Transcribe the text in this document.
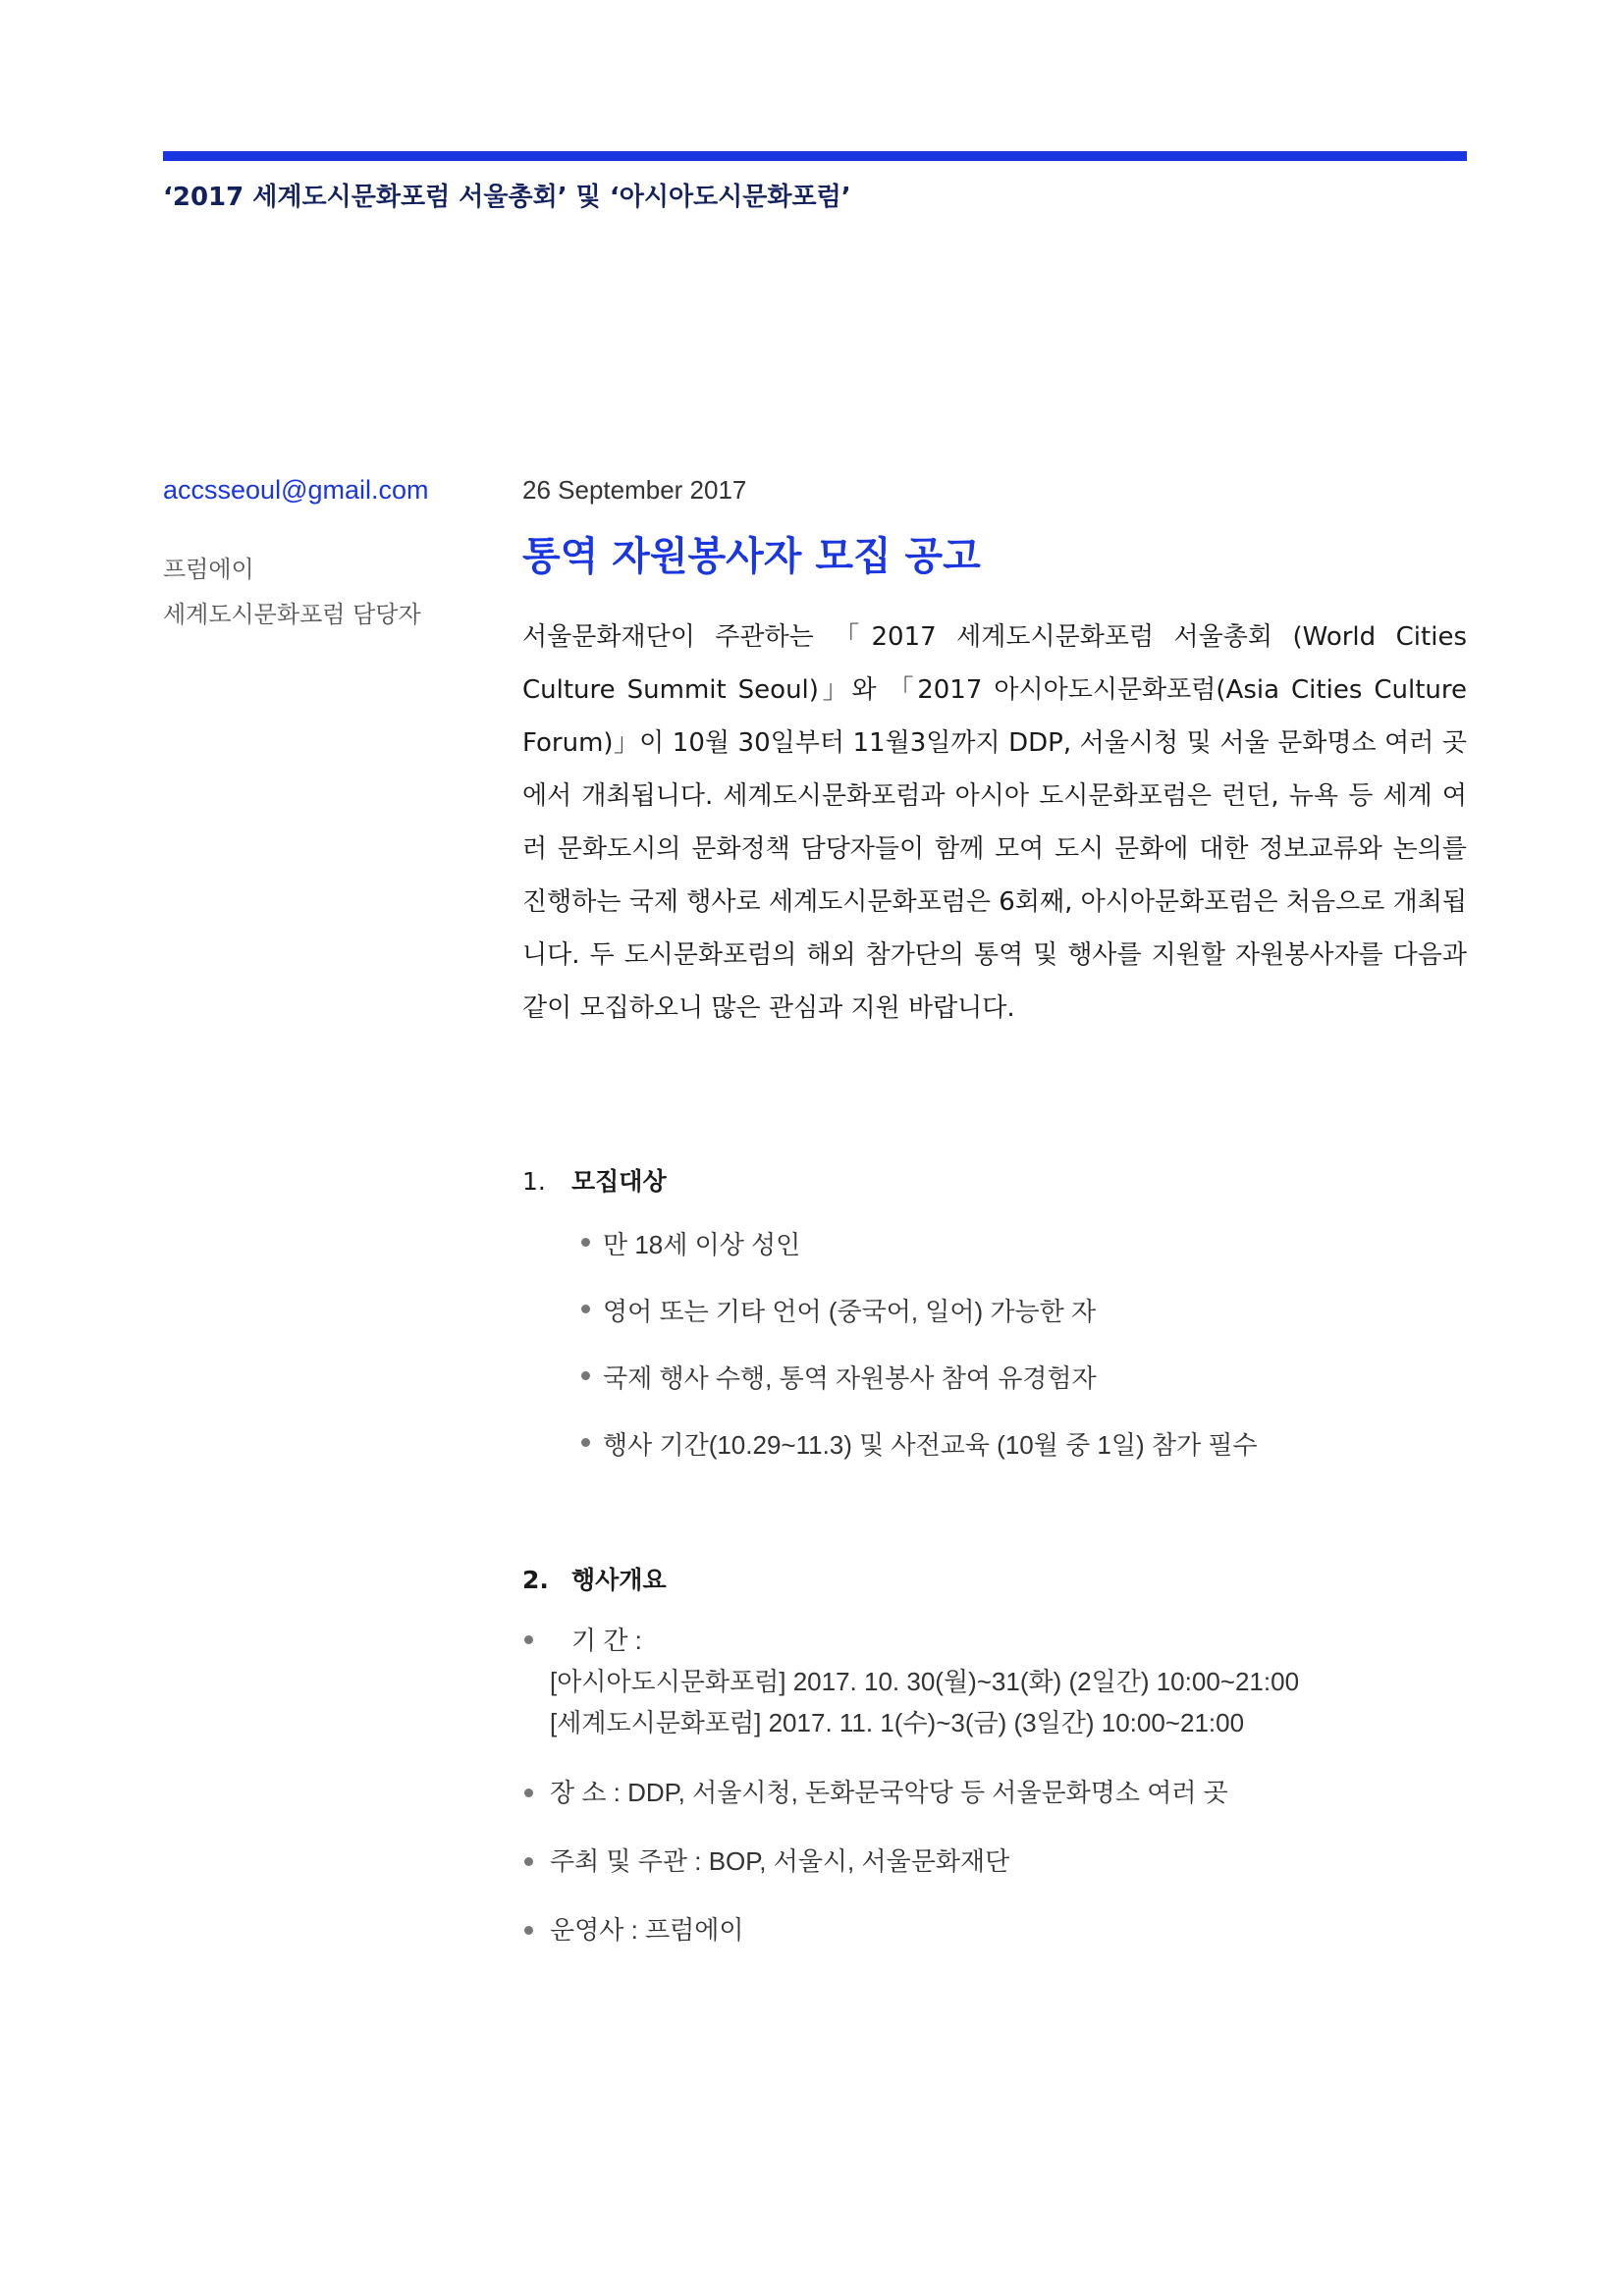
‘2017 세계도시문화포럼 서울총회’ 및 ‘아시아도시문화포럼’
accsseoul@gmail.com
프럼에이
세계도시문화포럼 담당자
26 September 2017
통역 자원봉사자 모집 공고
서울문화재단이 주관하는 「2017 세계도시문화포럼 서울총회 (World Cities Culture Summit Seoul)」와 「2017 아시아도시문화포럼(Asia Cities Culture Forum)」이 10월 30일부터 11월3일까지 DDP, 서울시청 및 서울 문화명소 여러 곳 에서 개최됩니다. 세계도시문화포럼과 아시아 도시문화포럼은 런던, 뉴욕 등 세계 여러 문화도시의 문화정책 담당자들이 함께 모여 도시 문화에 대한 정보교류와 논의를 진행하는 국제 행사로 세계도시문화포럼은 6회째, 아시아문화포럼은 처음으로 개최됩니다. 두 도시문화포럼의 해외 참가단의 통역 및 행사를 지원할 자원봉사자를 다음과 같이 모집하오니 많은 관심과 지원 바랍니다.
1. 모집대상
만 18세 이상 성인
영어 또는 기타 언어 (중국어, 일어) 가능한 자
국제 행사 수행, 통역 자원봉사 참여 유경험자
행사 기간(10.29~11.3) 및 사전교육 (10월 중 1일) 참가 필수
2. 행사개요
기 간 :
[아시아도시문화포럼] 2017. 10. 30(월)~31(화) (2일간) 10:00~21:00
[세계도시문화포럼] 2017. 11. 1(수)~3(금) (3일간) 10:00~21:00
장 소 : DDP, 서울시청, 돈화문국악당 등 서울문화명소 여러 곳
주최 및 주관 : BOP, 서울시, 서울문화재단
운영사 : 프럼에이
